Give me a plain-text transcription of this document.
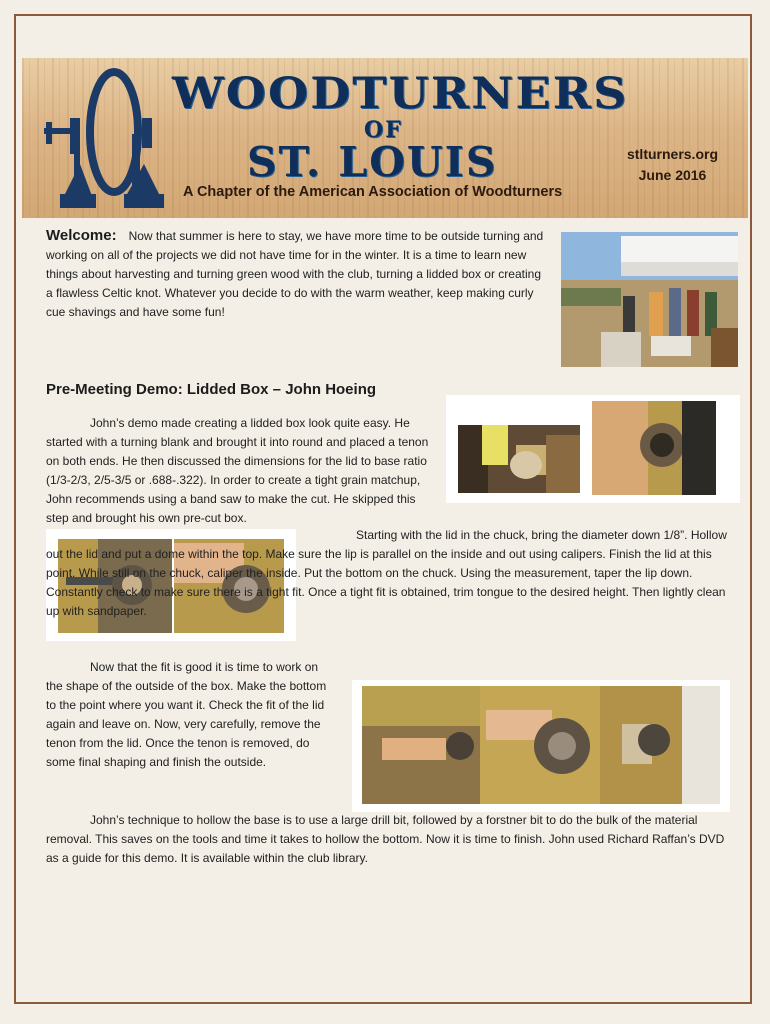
WOODTURNERS
OF
ST. LOUIS	stlturners.org
June 2016
A Chapter of the American Association of Woodturners

Welcome: Now that summer is here to stay, we have more time to be outside turning and working on all of the projects we did not have time for in the winter. It is a time to learn new things about harvesting and turning green wood with the club, turning a lidded box or creating a flawless Celtic knot. Whatever you decide to do with the warm weather, keep making curly cue shavings and have some fun!

Pre-Meeting Demo: Lidded Box – John Hoeing

John’s demo made creating a lidded box look quite easy. He started with a turning blank and brought it into round and placed a tenon on both ends. He then discussed the dimensions for the lid to base ratio (1/3-2/3, 2/5-3/5 or .688-.322). In order to create a tight grain matchup, John recommends using a band saw to make the cut. He skipped this step and brought his own pre-cut box.

Starting with the lid in the chuck, bring the diameter down 1/8”. Hollow out the lid and put a dome within the top. Make sure the lip is parallel on the inside and out using calipers. Finish the lid at this point. While still on the chuck, caliper the inside. Put the bottom on the chuck. Using the measurement, taper the lip down. Constantly check to make sure there is a tight fit. Once a tight fit is obtained, trim tongue to the desired height. Then lightly clean up with sandpaper.

Now that the fit is good it is time to work on the shape of the outside of the box. Make the bottom to the point where you want it. Check the fit of the lid again and leave on. Now, very carefully, remove the tenon from the lid. Once the tenon is removed, do some final shaping and finish the outside.

John’s technique to hollow the base is to use a large drill bit, followed by a forstner bit to do the bulk of the material removal. This saves on the tools and time it takes to hollow the bottom. Now it is time to finish. John used Richard Raffan’s DVD as a guide for this demo. It is available within the club library.
